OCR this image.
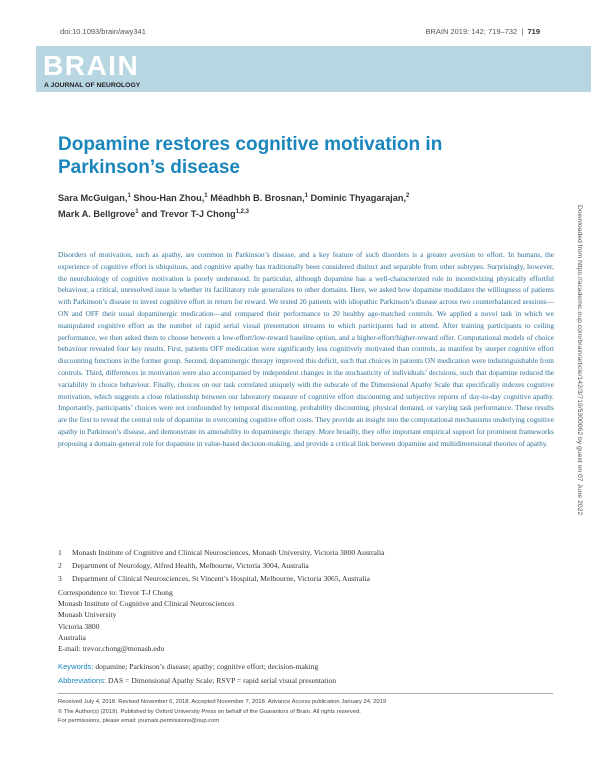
doi:10.1093/brain/awy341	BRAIN 2019: 142; 719–732 | 719
BRAIN
A JOURNAL OF NEUROLOGY
Dopamine restores cognitive motivation in Parkinson’s disease
Sara McGuigan,$^1$ Shou-Han Zhou,$^1$ Méadhbh B. Brosnan,$^1$ Dominic Thyagarajan,$^2$
Mark A. Bellgrove$^1$ and Trevor T-J Chong$^{1,2,3}$
Disorders of motivation, such as apathy, are common in Parkinson’s disease, and a key feature of such disorders is a greater aversion to effort. In humans, the experience of cognitive effort is ubiquitous, and cognitive apathy has traditionally been considered distinct and separable from other subtypes. Surprisingly, however, the neurobiology of cognitive motivation is poorly understood. In particular, although dopamine has a well-characterized role in incentivizing physically effortful behaviour, a critical, unresolved issue is whether its facilitatory role generalizes to other domains. Here, we asked how dopamine modulates the willingness of patients with Parkinson’s disease to invest cognitive effort in return for reward. We tested 20 patients with idiopathic Parkinson’s disease across two counterbalanced sessions—ON and OFF their usual dopaminergic medication—and compared their performance to 20 healthy age-matched controls. We applied a novel task in which we manipulated cognitive effort as the number of rapid serial visual presentation streams to which participants had to attend. After training participants to ceiling performance, we then asked them to choose between a low-effort/low-reward baseline option, and a higher-effort/higher-reward offer. Computational models of choice behaviour revealed four key results. First, patients OFF medication were significantly less cognitively motivated than controls, as manifest by steeper cognitive effort discounting functions in the former group. Second, dopaminergic therapy improved this deficit, such that choices in patients ON medication were indistinguishable from controls. Third, differences in motivation were also accompanied by independent changes in the stochasticity of individuals’ decisions, such that dopamine reduced the variability in choice behaviour. Finally, choices on our task correlated uniquely with the subscale of the Dimensional Apathy Scale that specifically indexes cognitive motivation, which suggests a close relationship between our laboratory measure of cognitive effort discounting and subjective reports of day-to-day cognitive apathy. Importantly, participants’ choices were not confounded by temporal discounting, probability discounting, physical demand, or varying task performance. These results are the first to reveal the central role of dopamine in overcoming cognitive effort costs. They provide an insight into the computational mechanisms underlying cognitive apathy in Parkinson’s disease, and demonstrate its amenability to dopaminergic therapy. More broadly, they offer important empirical support for prominent frameworks proposing a domain-general role for dopamine in value-based decision-making, and provide a critical link between dopamine and multidimensional theories of apathy.	Downloaded from https://academic.oup.com/brain/article/142/3/719/5300062 by guest on 07 June 2022
1 Monash Institute of Cognitive and Clinical Neurosciences, Monash University, Victoria 3800 Australia
2 Department of Neurology, Alfred Health, Melbourne, Victoria 3004, Australia
3 Department of Clinical Neurosciences, St Vincent’s Hospital, Melbourne, Victoria 3065, Australia
Correspondence to: Trevor T-J Chong
Monash Institute of Cognitive and Clinical Neurosciences
Monash University
Victoria 3800
Australia
E-mail: trevor.chong@monash.edu
Keywords: dopamine; Parkinson’s disease; apathy; cognitive effort; decision-making
Abbreviations: DAS = Dimensional Apathy Scale; RSVP = rapid serial visual presentation
Received July 4, 2018. Revised November 6, 2018. Accepted November 7, 2018. Advance Access publication January 24, 2019
© The Author(s) (2019). Published by Oxford University Press on behalf of the Guarantors of Brain. All rights reserved.
For permissions, please email: journals.permissions@oup.com
